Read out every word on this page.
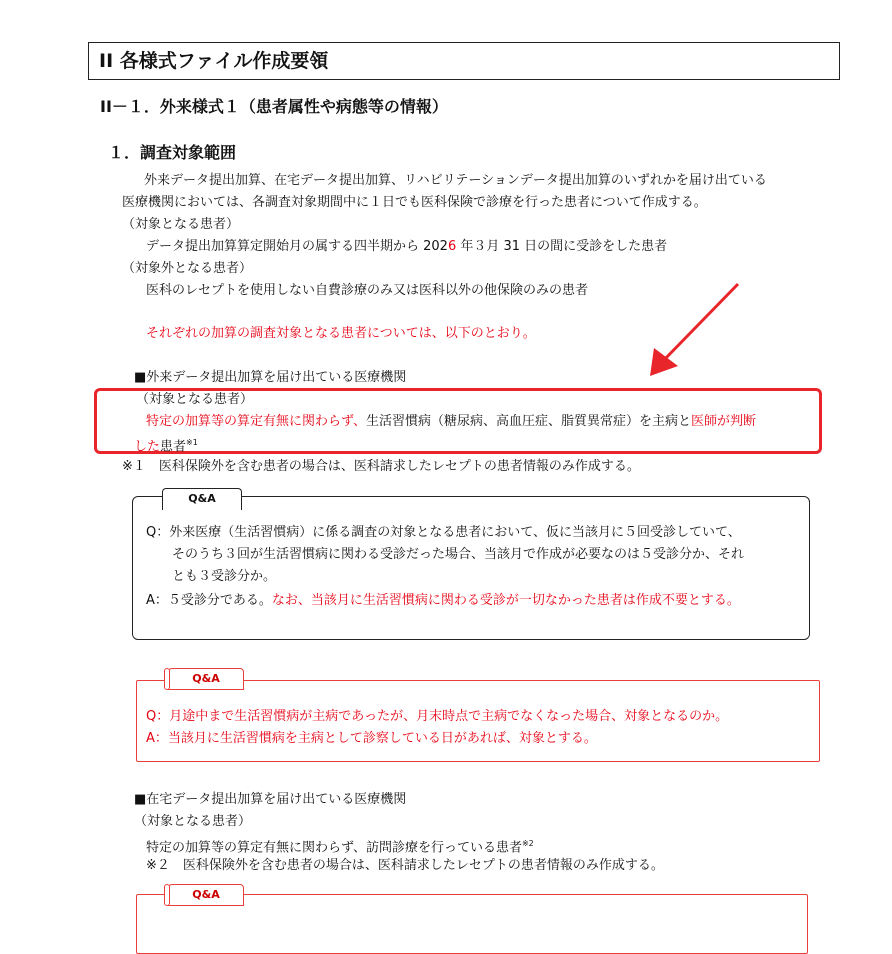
II 各様式ファイル作成要領
II－１．外来様式１（患者属性や病態等の情報）
１．調査対象範囲
外来データ提出加算、在宅データ提出加算、リハビリテーションデータ提出加算のいずれかを届け出ている
医療機関においては、各調査対象期間中に１日でも医科保険で診療を行った患者について作成する。
（対象となる患者）
データ提出加算算定開始月の属する四半期から 2026 年３月 31 日の間に受診をした患者
（対象外となる患者）
医科のレセプトを使用しない自費診療のみ又は医科以外の他保険のみの患者
それぞれの加算の調査対象となる患者については、以下のとおり。
■外来データ提出加算を届け出ている医療機関
（対象となる患者）
特定の加算等の算定有無に関わらず、生活習慣病（糖尿病、高血圧症、脂質異常症）を主病と医師が判断
した患者$^{※1}$
※１　医科保険外を含む患者の場合は、医科請求したレセプトの患者情報のみ作成する。
Q&A
Q：外来医療（生活習慣病）に係る調査の対象となる患者において、仮に当該月に５回受診していて、
そのうち３回が生活習慣病に関わる受診だった場合、当該月で作成が必要なのは５受診分か、それ
とも３受診分か。
A：５受診分である。なお、当該月に生活習慣病に関わる受診が一切なかった患者は作成不要とする。
Q&A
Q：月途中まで生活習慣病が主病であったが、月末時点で主病でなくなった場合、対象となるのか。
A：当該月に生活習慣病を主病として診察している日があれば、対象とする。
■在宅データ提出加算を届け出ている医療機関
（対象となる患者）
特定の加算等の算定有無に関わらず、訪問診療を行っている患者$^{※2}$
※２　医科保険外を含む患者の場合は、医科請求したレセプトの患者情報のみ作成する。
Q&A
